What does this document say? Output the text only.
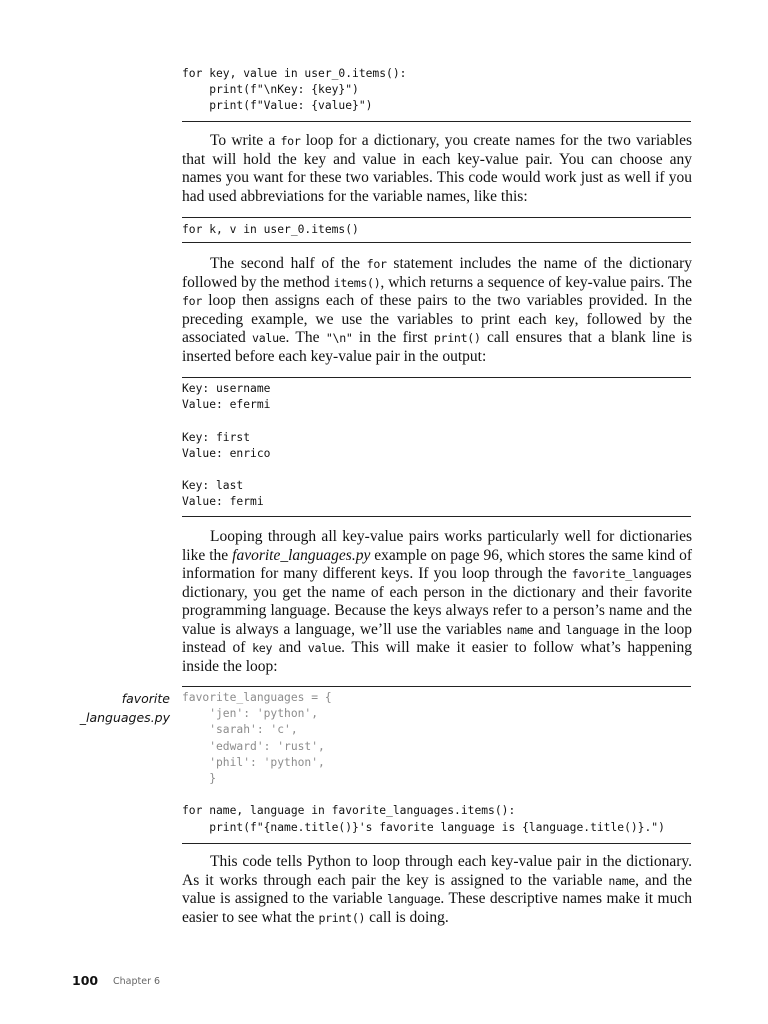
for key, value in user_0.items():
print(f"\nKey: {key}")
print(f"Value: {value}")

To write a for loop for a dictionary, you create names for the two variables that will hold the key and value in each key-value pair. You can choose any names you want for these two variables. This code would work just as well if you had used abbreviations for the variable names, like this:

for k, v in user_0.items()

The second half of the for statement includes the name of the dictionary followed by the method items(), which returns a sequence of key-value pairs. The for loop then assigns each of these pairs to the two variables provided. In the preceding example, we use the variables to print each key, followed by the associated value. The "\n" in the first print() call ensures that a blank line is inserted before each key-value pair in the output:

Key: username
Value: efermi

Key: first
Value: enrico

Key: last
Value: fermi

Looping through all key-value pairs works particularly well for dictionaries like the favorite_languages.py example on page 96, which stores the same kind of information for many different keys. If you loop through the favorite_languages dictionary, you get the name of each person in the dictionary and their favorite programming language. Because the keys always refer to a person’s name and the value is always a language, we’ll use the variables name and language in the loop instead of key and value. This will make it easier to follow what’s happening inside the loop:

favorite
_languages.py
favorite_languages = {
'jen': 'python',
'sarah': 'c',
'edward': 'rust',
'phil': 'python',
}

for name, language in favorite_languages.items():
print(f"{name.title()}'s favorite language is {language.title()}.")

This code tells Python to loop through each key-value pair in the dictionary. As it works through each pair the key is assigned to the variable name, and the value is assigned to the variable language. These descriptive names make it much easier to see what the print() call is doing.

100 Chapter 6
